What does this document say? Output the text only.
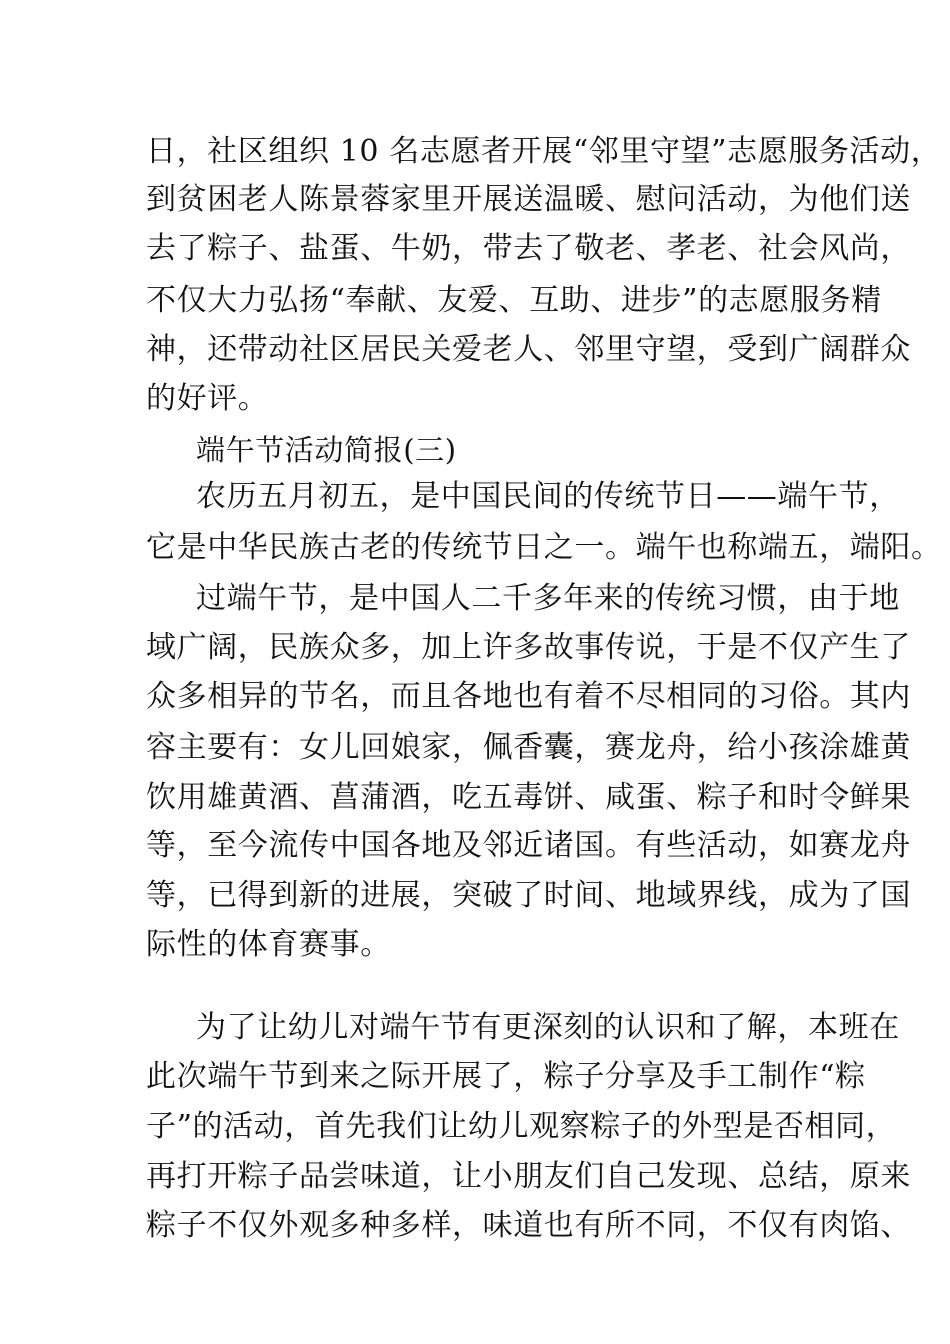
日，社区组织 10 名志愿者开展“邻里守望”志愿服务活动，
到贫困老人陈景蓉家里开展送温暖、慰问活动，为他们送
去了粽子、盐蛋、牛奶，带去了敬老、孝老、社会风尚，
不仅大力弘扬“奉献、友爱、互助、进步”的志愿服务精
神，还带动社区居民关爱老人、邻里守望，受到广阔群众
的好评。
端午节活动简报(三)
农历五月初五，是中国民间的传统节日——端午节，
它是中华民族古老的传统节日之一。端午也称端五，端阳。
过端午节，是中国人二千多年来的传统习惯，由于地
域广阔，民族众多，加上许多故事传说，于是不仅产生了
众多相异的节名，而且各地也有着不尽相同的习俗。其内
容主要有：女儿回娘家，佩香囊，赛龙舟，给小孩涂雄黄
饮用雄黄酒、菖蒲酒，吃五毒饼、咸蛋、粽子和时令鲜果
等，至今流传中国各地及邻近诸国。有些活动，如赛龙舟
等，已得到新的进展，突破了时间、地域界线，成为了国
际性的体育赛事。
为了让幼儿对端午节有更深刻的认识和了解，本班在
此次端午节到来之际开展了，粽子分享及手工制作“粽
子”的活动，首先我们让幼儿观察粽子的外型是否相同，
再打开粽子品尝味道，让小朋友们自己发现、总结，原来
粽子不仅外观多种多样，味道也有所不同，不仅有肉馅、
